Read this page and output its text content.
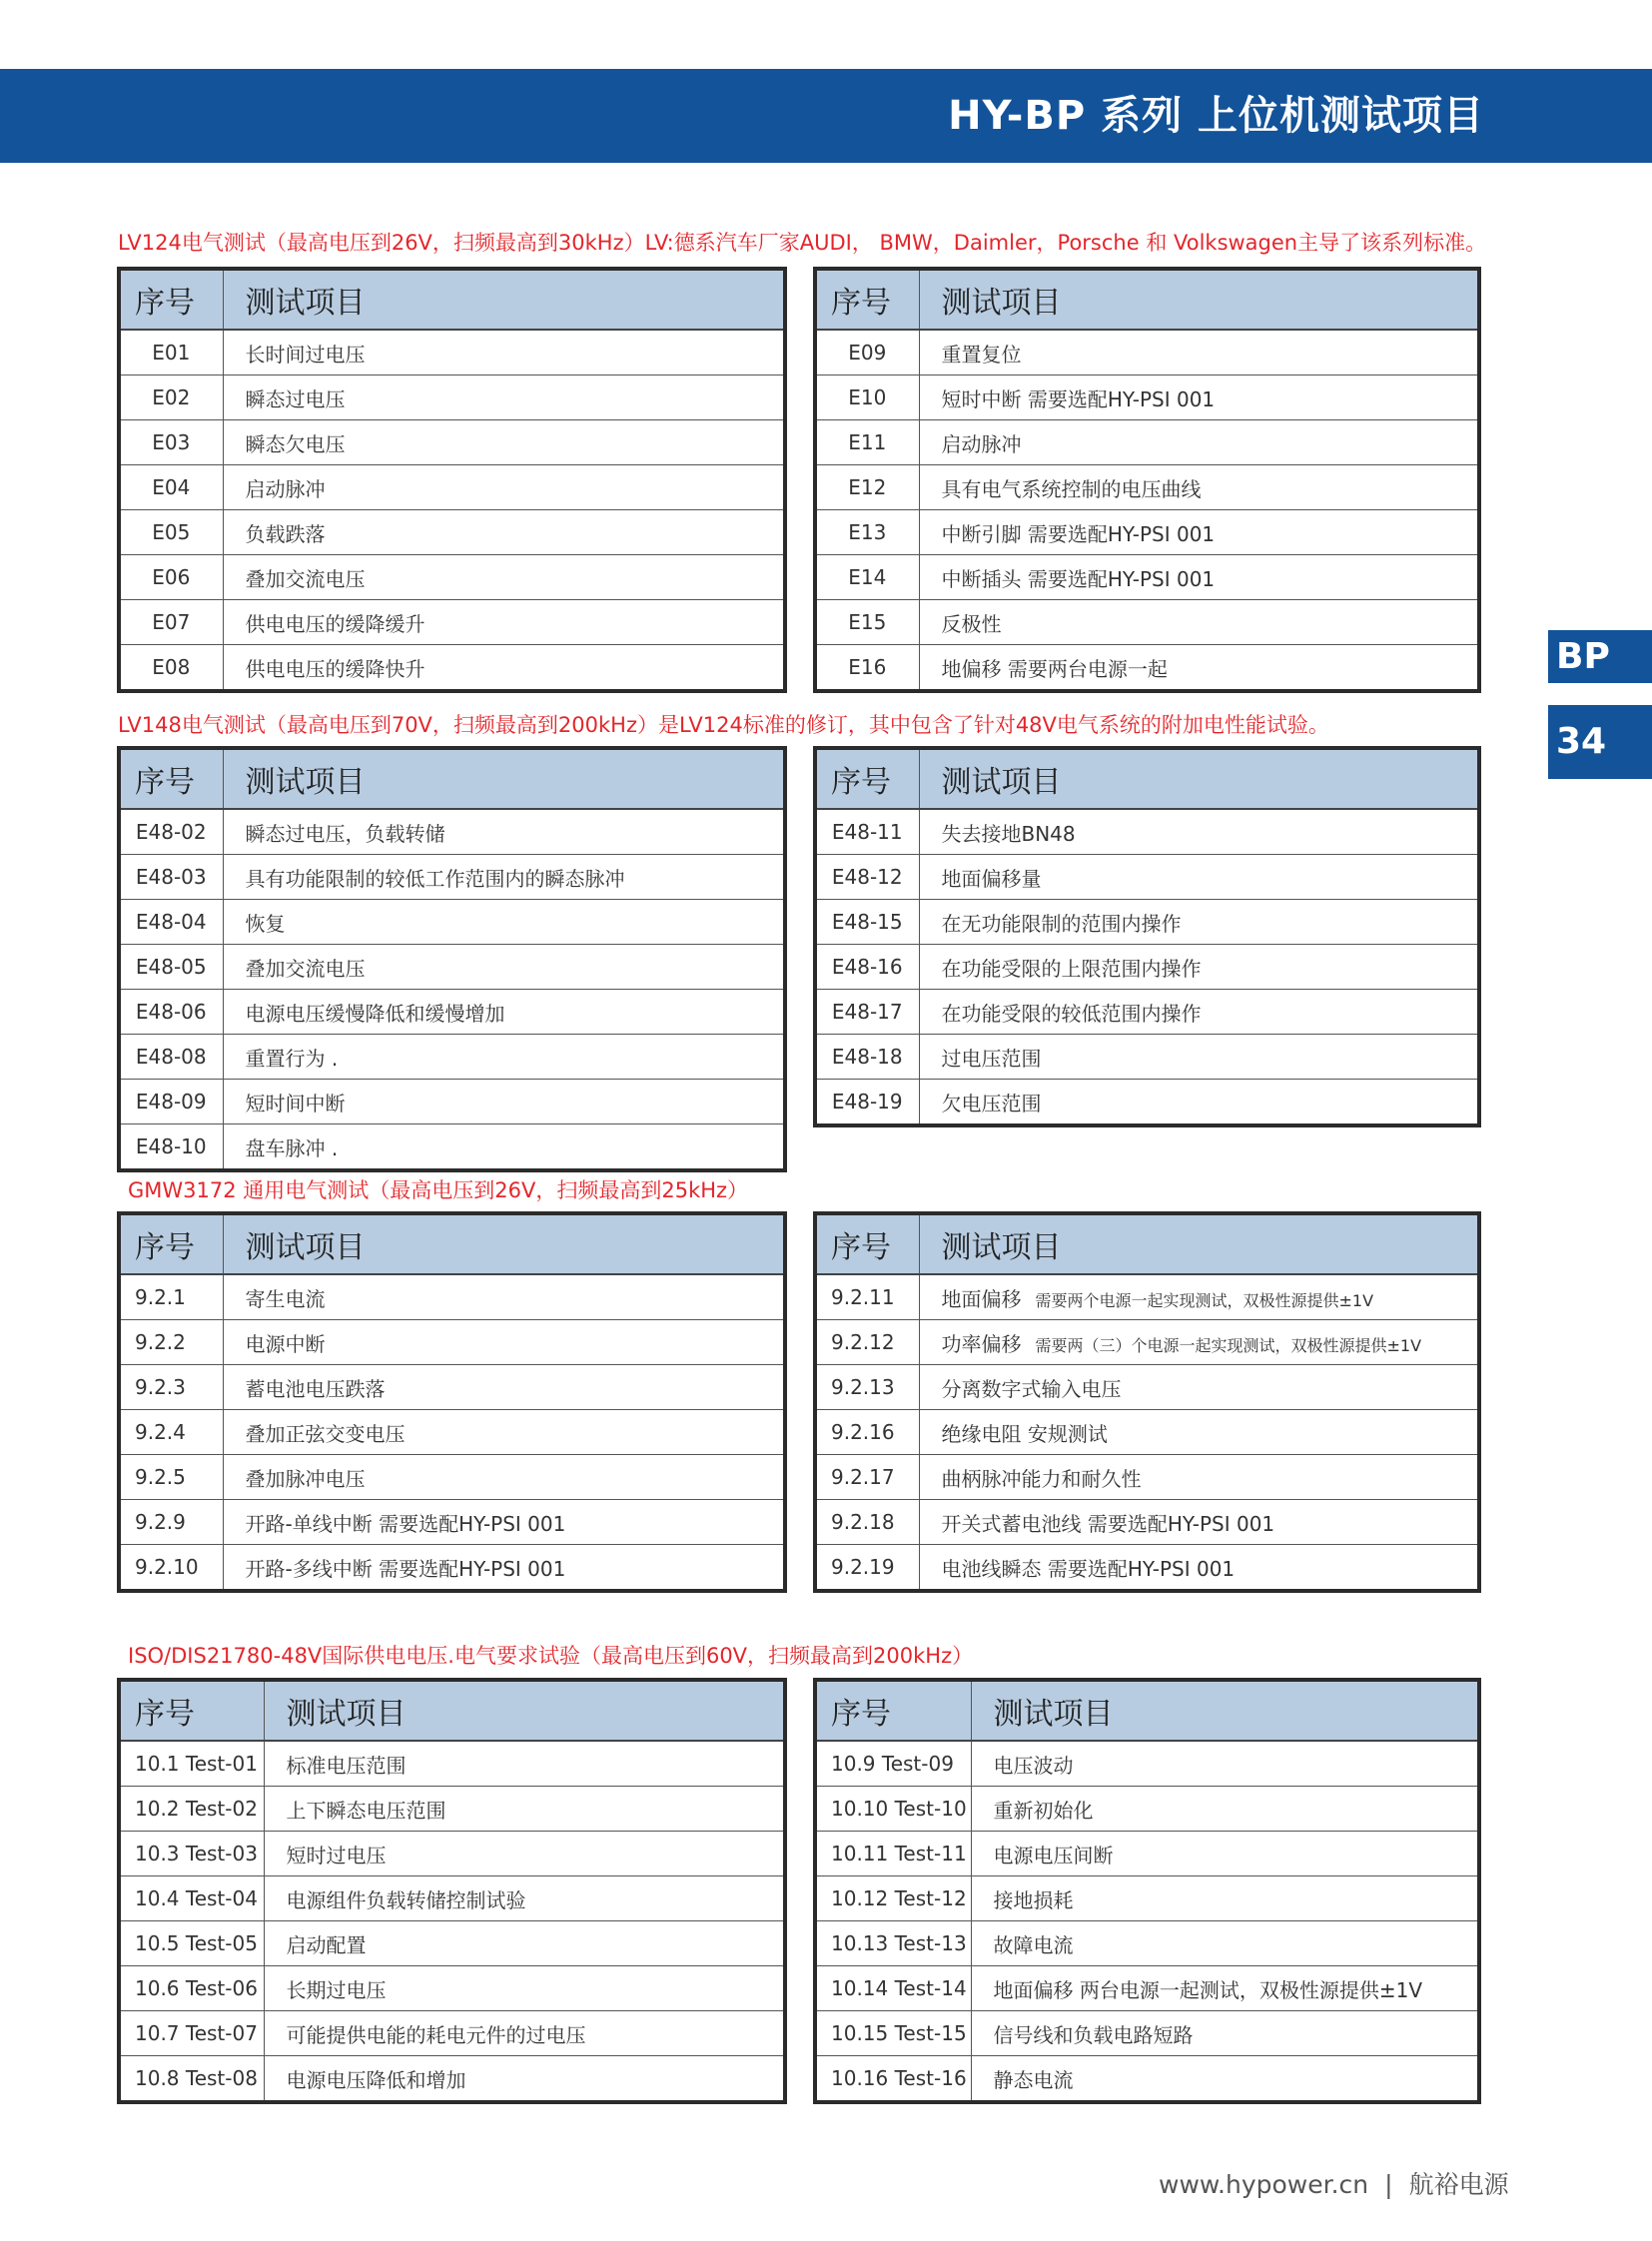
HY-BP 系列 上位机测试项目
BP
34
LV124电气测试（最高电压到26V，扫频最高到30kHz）LV:德系汽车厂家AUDI， BMW，Daimler，Porsche 和 Volkswagen主导了该系列标准。
序号	测试项目
E01	长时间过电压
E02	瞬态过电压
E03	瞬态欠电压
E04	启动脉冲
E05	负载跌落
E06	叠加交流电压
E07	供电电压的缓降缓升
E08	供电电压的缓降快升
序号	测试项目
E09	重置复位
E10	短时中断 需要选配HY-PSI 001
E11	启动脉冲
E12	具有电气系统控制的电压曲线
E13	中断引脚 需要选配HY-PSI 001
E14	中断插头 需要选配HY-PSI 001
E15	反极性
E16	地偏移 需要两台电源一起
LV148电气测试（最高电压到70V，扫频最高到200kHz）是LV124标准的修订，其中包含了针对48V电气系统的附加电性能试验。
序号	测试项目
E48-02	瞬态过电压，负载转储
E48-03	具有功能限制的较低工作范围内的瞬态脉冲
E48-04	恢复
E48-05	叠加交流电压
E48-06	电源电压缓慢降低和缓慢增加
E48-08	重置行为 .
E48-09	短时间中断
E48-10	盘车脉冲 .
序号	测试项目
E48-11	失去接地BN48
E48-12	地面偏移量
E48-15	在无功能限制的范围内操作
E48-16	在功能受限的上限范围内操作
E48-17	在功能受限的较低范围内操作
E48-18	过电压范围
E48-19	欠电压范围
GMW3172 通用电气测试（最高电压到26V，扫频最高到25kHz）
序号	测试项目
9.2.1	寄生电流
9.2.2	电源中断
9.2.3	蓄电池电压跌落
9.2.4	叠加正弦交变电压
9.2.5	叠加脉冲电压
9.2.9	开路-单线中断 需要选配HY-PSI 001
9.2.10	开路-多线中断 需要选配HY-PSI 001
序号	测试项目
9.2.11	地面偏移 需要两个电源一起实现测试，双极性源提供±1V
9.2.12	功率偏移 需要两（三）个电源一起实现测试，双极性源提供±1V
9.2.13	分离数字式输入电压
9.2.16	绝缘电阻 安规测试
9.2.17	曲柄脉冲能力和耐久性
9.2.18	开关式蓄电池线 需要选配HY-PSI 001
9.2.19	电池线瞬态 需要选配HY-PSI 001
ISO/DIS21780-48V国际供电电压.电气要求试验（最高电压到60V，扫频最高到200kHz）
序号	测试项目
10.1 Test-01	标准电压范围
10.2 Test-02	上下瞬态电压范围
10.3 Test-03	短时过电压
10.4 Test-04	电源组件负载转储控制试验
10.5 Test-05	启动配置
10.6 Test-06	长期过电压
10.7 Test-07	可能提供电能的耗电元件的过电压
10.8 Test-08	电源电压降低和增加
序号	测试项目
10.9 Test-09	电压波动
10.10 Test-10	重新初始化
10.11 Test-11	电源电压间断
10.12 Test-12	接地损耗
10.13 Test-13	故障电流
10.14 Test-14	地面偏移 两台电源一起测试，双极性源提供±1V
10.15 Test-15	信号线和负载电路短路
10.16 Test-16	静态电流
www.hypower.cn | 航裕电源
